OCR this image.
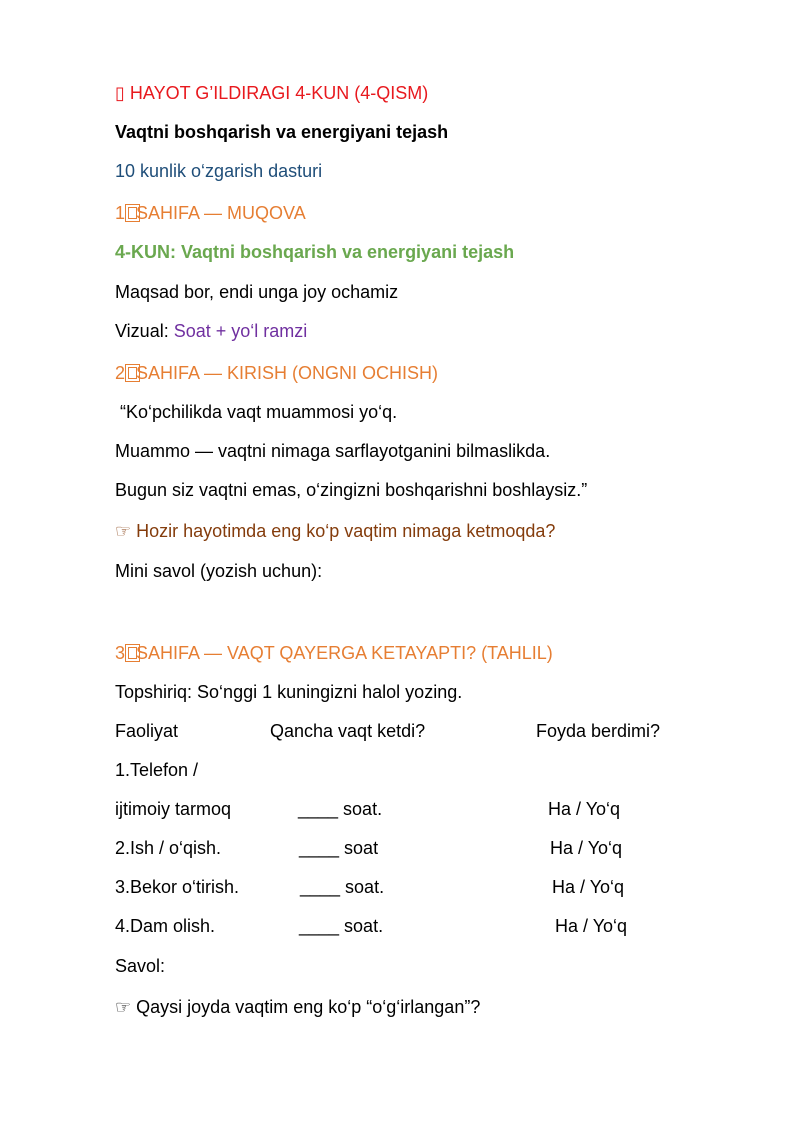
▯ HAYOT G’ILDIRAGI 4-KUN (4-QISM)
Vaqtni boshqarish va energiyani tejash
10 kunlik o‘zgarish dasturi
1 SAHIFA — MUQOVA
4-KUN: Vaqtni boshqarish va energiyani tejash
Maqsad bor, endi unga joy ochamiz
Vizual: Soat + yo‘l ramzi
2 SAHIFA — KIRISH (ONGNI OCHISH)
“Ko‘pchilikda vaqt muammosi yo‘q.
Muammo — vaqtni nimaga sarflayotganini bilmaslikda.
Bugun siz vaqtni emas, o‘zingizni boshqarishni boshlaysiz.”
☞ Hozir hayotimda eng ko‘p vaqtim nimaga ketmoqda?
Mini savol (yozish uchun):
3 SAHIFA — VAQT QAYERGA KETAYAPTI? (TAHLIL)
Topshiriq: So‘nggi 1 kuningizni halol yozing.
Faoliyat	Qancha vaqt ketdi?	Foyda berdimi?
1.Telefon /
ijtimoiy tarmoq	____ soat.	Ha / Yo‘q
2.Ish / o‘qish.	____ soat	Ha / Yo‘q
3.Bekor o‘tirish.	____ soat.	Ha / Yo‘q
4.Dam olish.	____ soat.	Ha / Yo‘q
Savol:
☞ Qaysi joyda vaqtim eng ko‘p “o‘g‘irlangan”?
